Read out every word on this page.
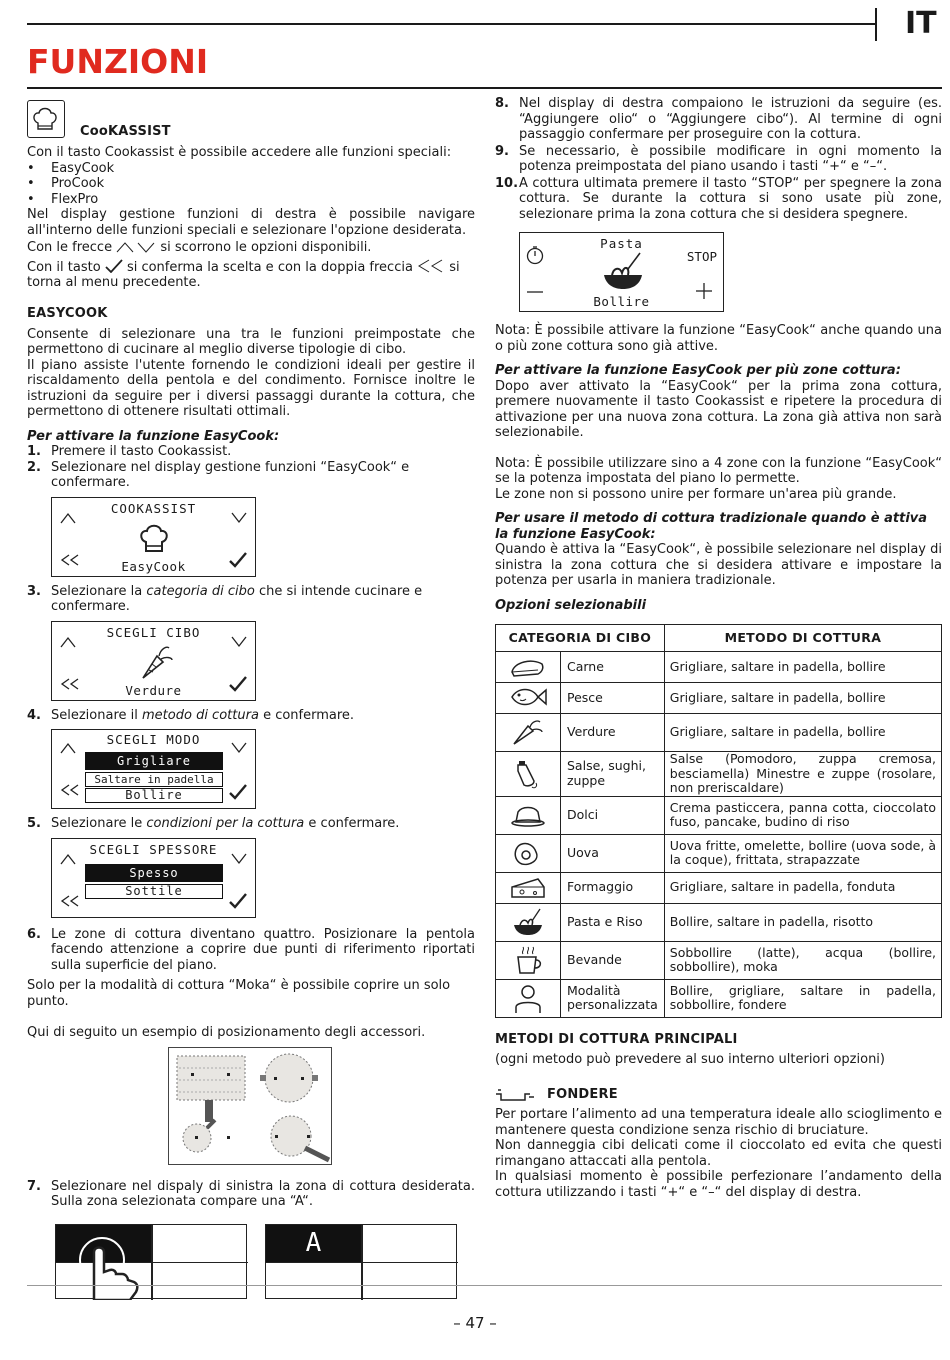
IT
FUNZIONI
CooKASSIST

Con il tasto Cookassist è possibile accedere alle funzioni speciali:

• EasyCook
• ProCook
• FlexPro

Nel display gestione funzioni di destra è possibile navigare all'interno delle funzioni speciali e selezionare l'opzione desiderata.

Con le frecce	si scorrono le opzioni disponibili.

Con il tasto si conferma la scelta e con la doppia freccia	si torna al menu precedente.

EASYCOOK

Consente di selezionare una tra le funzioni preimpostate che permettono di cucinare al meglio diverse tipologie di cibo.

Il piano assiste l'utente fornendo le condizioni ideali per gestire il riscaldamento della pentola e del condimento. Fornisce inoltre le istruzioni da seguire per i diversi passaggi durante la cottura, che permettono di ottenere risultati ottimali.

Per attivare la funzione EasyCook:

1. Premere il tasto Cookassist.
2. Selezionare nel display gestione funzioni “EasyCook“ e confermare.
COOKASSIST
EasyCook
3. Selezionare la categoria di cibo che si intende cucinare e confermare.
SCEGLI CIBO
Verdure
4. Selezionare il metodo di cottura e confermare.
SCEGLI MODO
Grigliare
Saltare in padella
Bollire
5. Selezionare le condizioni per la cottura e confermare.
SCEGLI SPESSORE
Spesso
Sottile
6. Le zone di cottura diventano quattro. Posizionare la pentola facendo attenzione a coprire due punti di riferimento riportati sulla superficie del piano.

Solo per la modalità di cottura “Moka“ è possibile coprire un solo punto.

Qui di seguito un esempio di posizionamento degli accessori.

7. Selezionare nel dispaly di sinistra la zona di cottura desiderata. Sulla zona selezionata compare una “A“.
A
8. Nel display di destra compaiono le istruzioni da seguire (es. “Aggiungere olio“ o “Aggiungere cibo“). Al termine di ogni passaggio confermare per proseguire con la cottura.
9. Se necessario, è possibile modificare in ogni momento la potenza preimpostata del piano usando i tasti “+“ e “–“.
10. A cottura ultimata premere il tasto “STOP“ per spegnere la zona cottura. Se durante la cottura si sono usate più zone, selezionare prima la zona cottura che si desidera spegnere.
Pasta
STOP
Bollire

Nota: È possibile attivare la funzione “EasyCook“ anche quando una o più zone cottura sono già attive.

Per attivare la funzione EasyCook per più zone cottura:

Dopo aver attivato la “EasyCook“ per la prima zona cottura, premere nuovamente il tasto Cookassist e ripetere la procedura di attivazione per una nuova zona cottura. La zona già attiva non sarà selezionabile.

Nota: È possibile utilizzare sino a 4 zone con la funzione “EasyCook“ se la potenza impostata del piano lo permette.

Le zone non si possono unire per formare un'area più grande.

Per usare il metodo di cottura tradizionale quando è attiva la funzione EasyCook:

Quando è attiva la “EasyCook“, è possibile selezionare nel display di sinistra la zona cottura che si desidera attivare e impostare la potenza per usarla in maniera tradizionale.

Opzioni selezionabili

CATEGORIA DI CIBO		METODO DI COTTURA

	Carne	Grigliare, saltare in padella, bollire

	Pesce	Grigliare, saltare in padella, bollire

	Verdure	Grigliare, saltare in padella, bollire

	Salse, sughi, zuppe	Salse (Pomodoro, zuppa cremosa, besciamella) Minestre e zuppe (rosolare, non preriscaldare)

	Dolci	Crema pasticcera, panna cotta, cioccolato fuso, pancake, budino di riso

	Uova	Uova fritte, omelette, bollire (uova sode, à la coque), frittata, strapazzate

	Formaggio	Grigliare, saltare in padella, fonduta

	Pasta e Riso	Bollire, saltare in padella, risotto

	Bevande	Sobbollire (latte), acqua (bollire, sobbollire), moka

	Modalità personalizzata	Bollire, grigliare, saltare in padella, sobbollire, fondere
METODI DI COTTURA PRINCIPALI

(ogni metodo può prevedere al suo interno ulteriori opzioni)

FONDERE

Per portare l’alimento ad una temperatura ideale allo scioglimento e mantenere questa condizione senza rischio di bruciature.

Non danneggia cibi delicati come il cioccolato ed evita che questi rimangano attaccati alla pentola.

In qualsiasi momento è possibile perfezionare l’andamento della cottura utilizzando i tasti “+“ e “–“ del display di destra.

– 47 –
